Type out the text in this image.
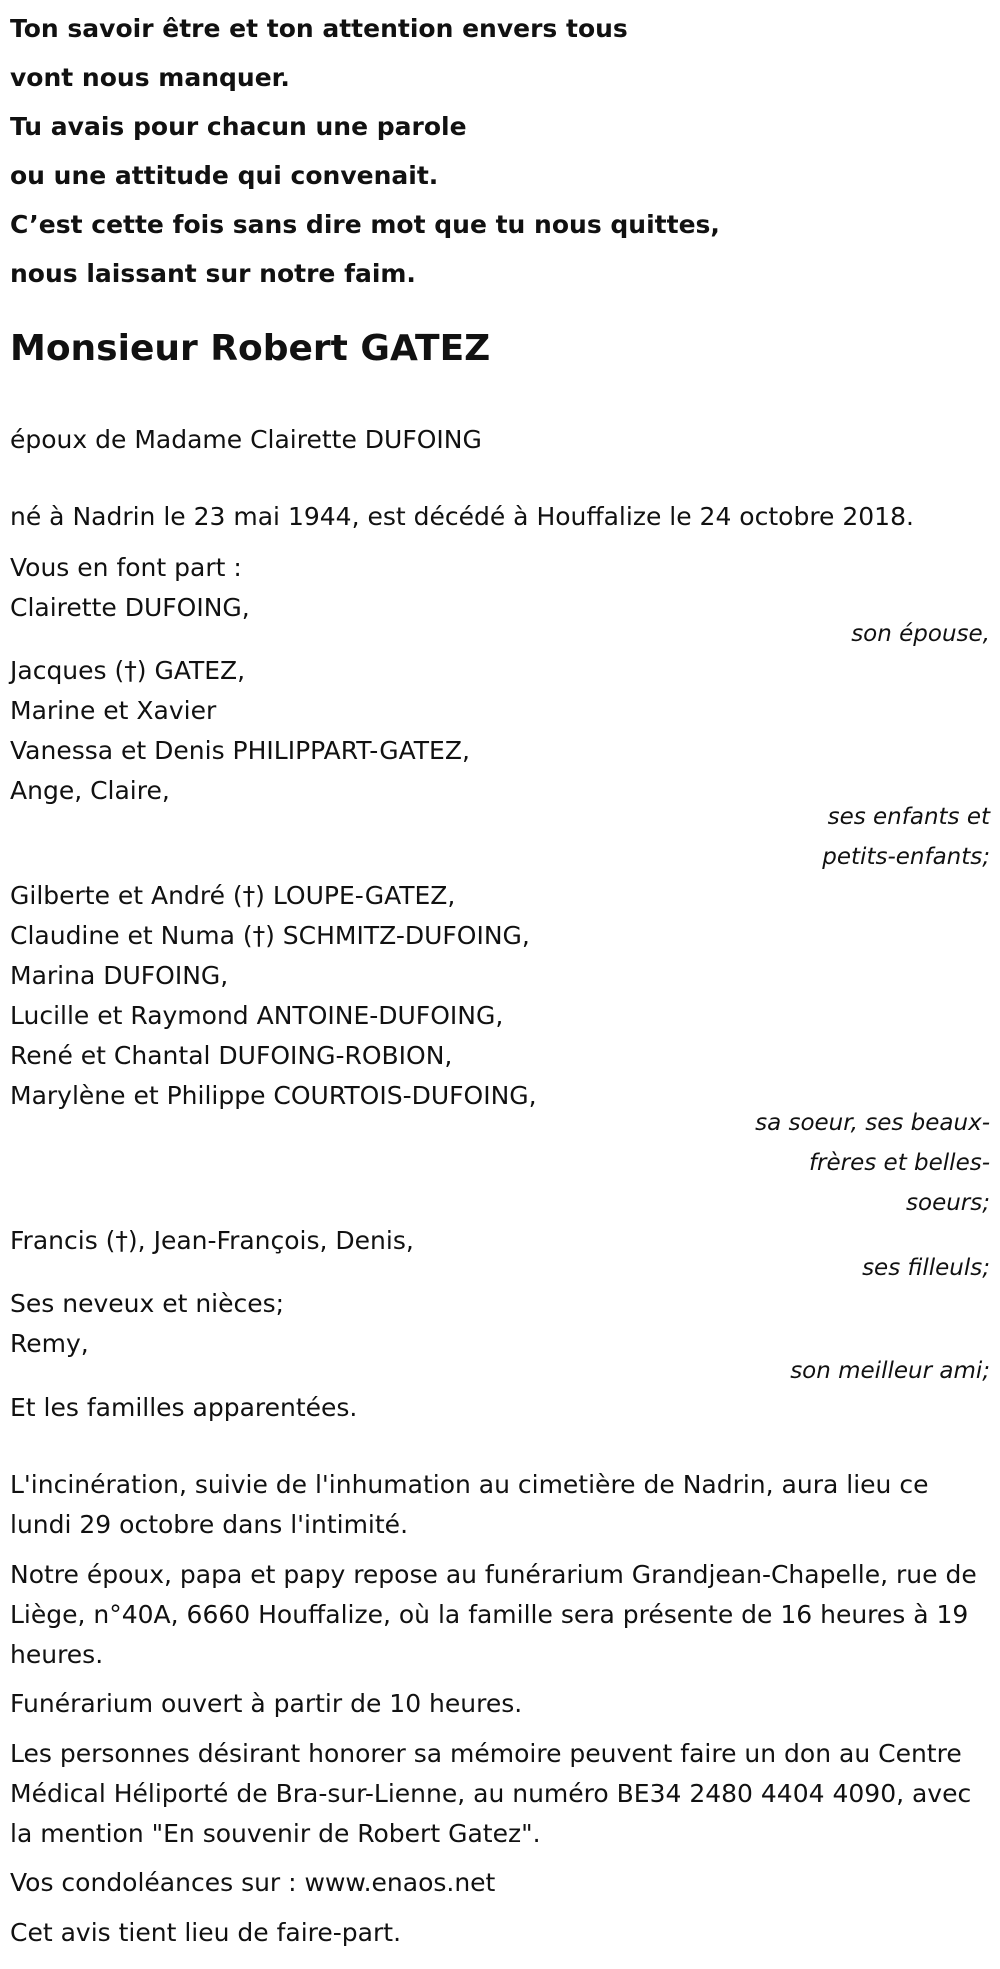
Ton savoir être et ton attention envers tous
vont nous manquer.
Tu avais pour chacun une parole
ou une attitude qui convenait.
C’est cette fois sans dire mot que tu nous quittes,
nous laissant sur notre faim.
Monsieur Robert GATEZ
époux de Madame Clairette DUFOING
né à Nadrin le 23 mai 1944, est décédé à Houffalize le 24 octobre 2018.
Vous en font part :
Clairette DUFOING,
son épouse,
Jacques (†) GATEZ,
Marine et Xavier
Vanessa et Denis PHILIPPART-GATEZ,
Ange, Claire,
ses enfants et
petits-enfants;
Gilberte et André (†) LOUPE-GATEZ,
Claudine et Numa (†) SCHMITZ-DUFOING,
Marina DUFOING,
Lucille et Raymond ANTOINE-DUFOING,
René et Chantal DUFOING-ROBION,
Marylène et Philippe COURTOIS-DUFOING,
sa soeur, ses beaux-
frères et belles-
soeurs;
Francis (†), Jean-François, Denis,
ses filleuls;
Ses neveux et nièces;
Remy,
son meilleur ami;
Et les familles apparentées.
L'incinération, suivie de l'inhumation au cimetière de Nadrin, aura lieu ce lundi 29 octobre dans l'intimité.
Notre époux, papa et papy repose au funérarium Grandjean-Chapelle, rue de Liège, n°40A, 6660 Houffalize, où la famille sera présente de 16 heures à 19 heures.
Funérarium ouvert à partir de 10 heures.
Les personnes désirant honorer sa mémoire peuvent faire un don au Centre Médical Héliporté de Bra-sur-Lienne, au numéro BE34 2480 4404 4090, avec la mention "En souvenir de Robert Gatez".
Vos condoléances sur : www.enaos.net
Cet avis tient lieu de faire-part.
